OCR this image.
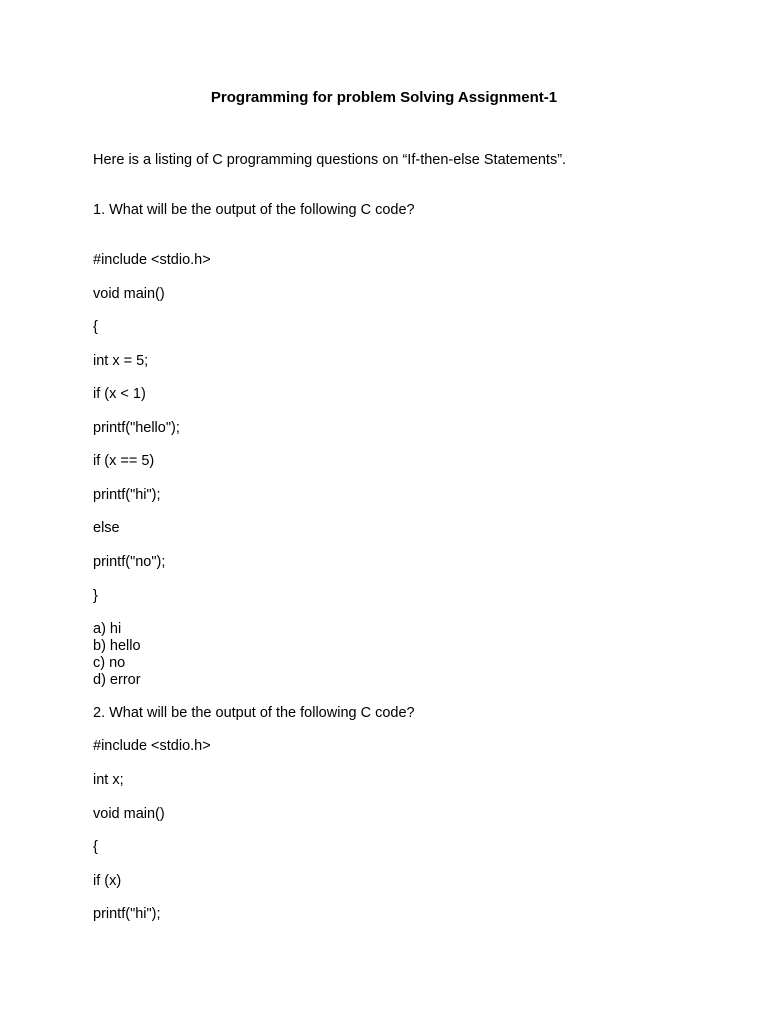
Programming for problem Solving Assignment-1
Here is a listing of C programming questions on “If-then-else Statements”.
1. What will be the output of the following C code?
#include <stdio.h>
void main()
{
int x = 5;
if (x < 1)
printf("hello");
if (x == 5)
printf("hi");
else
printf("no");
}
a) hi
b) hello
c) no
d) error
2. What will be the output of the following C code?
#include <stdio.h>
int x;
void main()
{
if (x)
printf("hi");
